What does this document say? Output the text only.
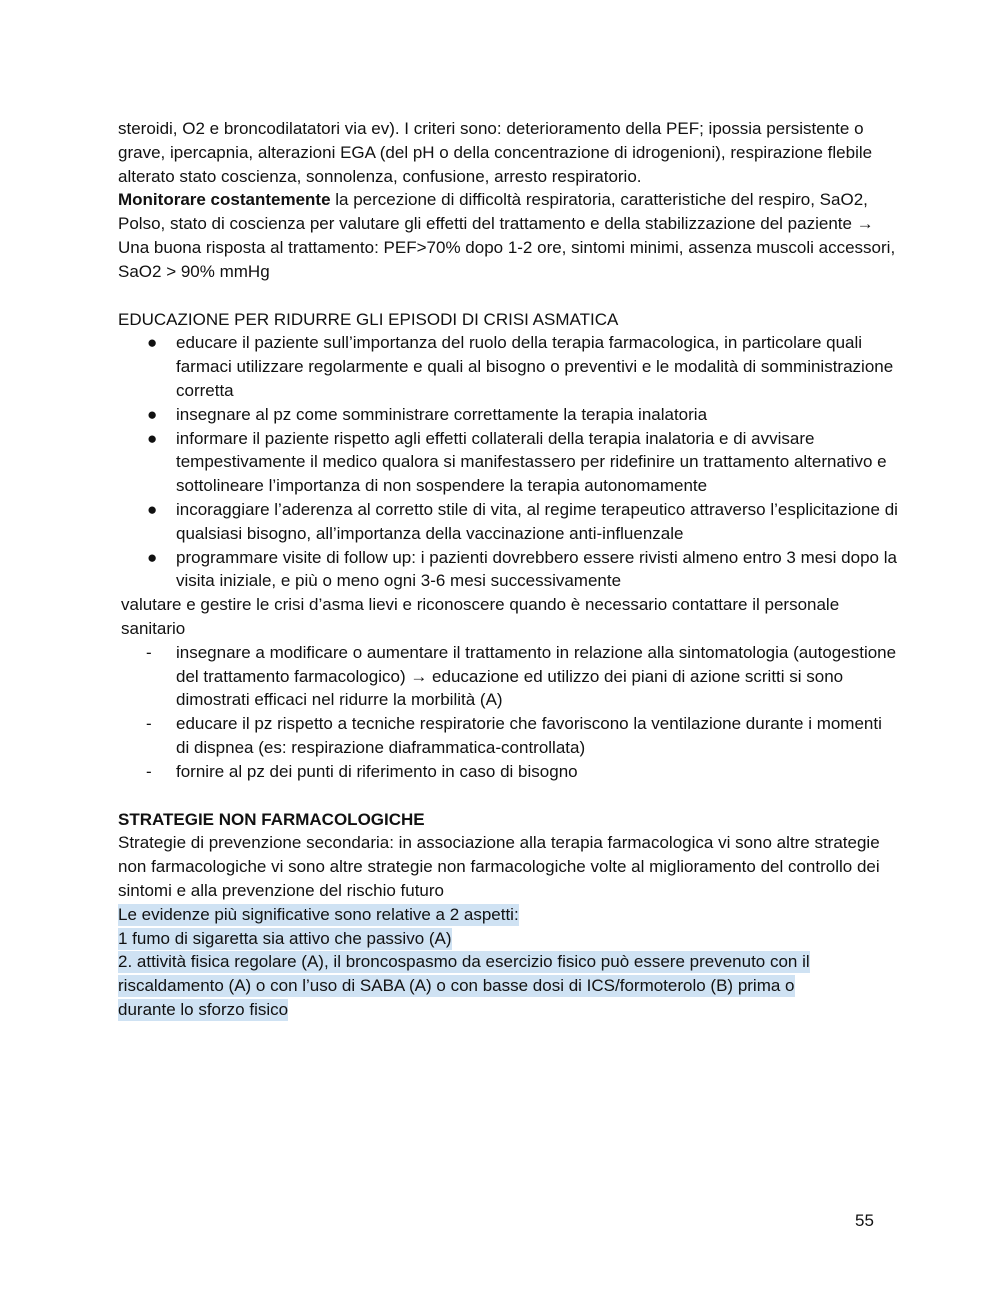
steroidi, O2 e broncodilatatori via ev). I criteri sono: deterioramento della PEF; ipossia persistente o grave, ipercapnia, alterazioni EGA (del pH o della concentrazione di idrogenioni), respirazione flebile alterato stato coscienza, sonnolenza, confusione, arresto respiratorio.

Monitorare costantemente la percezione di difficoltà respiratoria, caratteristiche del respiro, SaO2, Polso, stato di coscienza per valutare gli effetti del trattamento e della stabilizzazione del paziente → Una buona risposta al trattamento: PEF>70% dopo 1-2 ore, sintomi minimi, assenza muscoli accessori, SaO2 > 90% mmHg

EDUCAZIONE PER RIDURRE GLI EPISODI DI CRISI ASMATICA

● educare il paziente sull’importanza del ruolo della terapia farmacologica, in particolare quali farmaci utilizzare regolarmente e quali al bisogno o preventivi e le modalità di somministrazione corretta
● insegnare al pz come somministrare correttamente la terapia inalatoria
● informare il paziente rispetto agli effetti collaterali della terapia inalatoria e di avvisare tempestivamente il medico qualora si manifestassero per ridefinire un trattamento alternativo e sottolineare l’importanza di non sospendere la terapia autonomamente
● incoraggiare l’aderenza al corretto stile di vita, al regime terapeutico attraverso l’esplicitazione di qualsiasi bisogno, all’importanza della vaccinazione anti-influenzale
● programmare visite di follow up: i pazienti dovrebbero essere rivisti almeno entro 3 mesi dopo la visita iniziale, e più o meno ogni 3-6 mesi successivamente

valutare e gestire le crisi d’asma lievi e riconoscere quando è necessario contattare il personale sanitario

- insegnare a modificare o aumentare il trattamento in relazione alla sintomatologia (autogestione del trattamento farmacologico) → educazione ed utilizzo dei piani di azione scritti si sono dimostrati efficaci nel ridurre la morbilità (A)
- educare il pz rispetto a tecniche respiratorie che favoriscono la ventilazione durante i momenti di dispnea (es: respirazione diaframmatica-controllata)
- fornire al pz dei punti di riferimento in caso di bisogno

STRATEGIE NON FARMACOLOGICHE

Strategie di prevenzione secondaria: in associazione alla terapia farmacologica vi sono altre strategie non farmacologiche vi sono altre strategie non farmacologiche volte al miglioramento del controllo dei sintomi e alla prevenzione del rischio futuro

Le evidenze più significative sono relative a 2 aspetti:
1 fumo di sigaretta sia attivo che passivo (A)
2. attività fisica regolare (A), il broncospasmo da esercizio fisico può essere prevenuto con il
riscaldamento (A) o con l’uso di SABA (A) o con basse dosi di ICS/formoterolo (B) prima o
durante lo sforzo fisico
55
